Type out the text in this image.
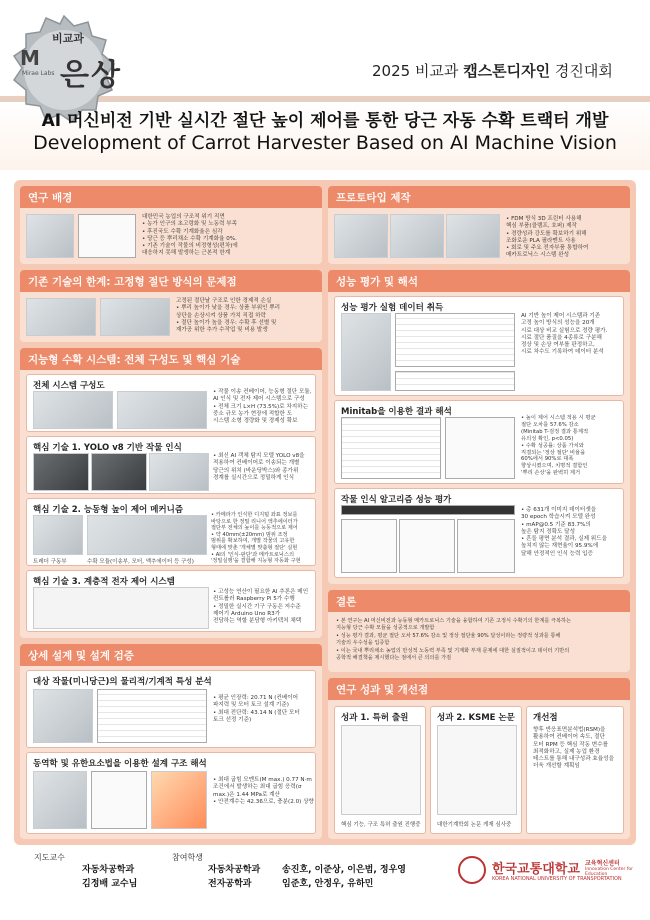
M
Mirae Labs
비교과
은상	2025 비교과 캡스톤디자인 경진대회
AI 머신비전 기반 실시간 절단 높이 제어를 통한 당근 자동 수확 트랙터 개발
Development of Carrot Harvester Based on AI Machine Vision
연구 배경

대한민국 농업의 구조적 위기 직면

• 농가 인구의 초고령화 및 노동력 부족

• 후진국도 수확 기계화율은 심각

• 당근 등 뿌리채소 수확 기계화율 0%.

• 기존 기술이 작물의 비정형성(편차)에

대응하지 못해 발생하는 근본적 한계

기존 기술의 한계: 고정형 절단 방식의 문제점

고정된 절단날 구조로 인한 경제적 손실

• 뿌리 높이가 낮을 경우: 상품 부위인 뿌리

상단을 손상시켜 상품 가치 직접 하락

• 절단 높이가 높을 경우: 수확 후 선별 및

재가공 위한 추가 수작업 및 비용 발생

지능형 수확 시스템: 전체 구성도 및 핵심 기술
전체 시스템 구성도

• 작물 이송 컨베이어, 능동형 절단 모듈,

AI 인식 및 전자 제어 시스템으로 구성

• 전체 크기 L×H (73.5%)로 차지하는

중소 규모 농가 현장에 적합한 도

시스템 소형 경량화 및 경제성 확보

핵심 기술 1. YOLO v8 기반 작물 인식

• 최신 AI 객체 탐지 모델 YOLO v8을

적용하여 컨베이어로 이송되는 개별

당근의 위치 (바운딩박스)와 종가위

경계를 실시간으로 정밀하게 인식

핵심 기술 2. 능동형 높이 제어 메커니즘
트레더 구동부	수확 모듈(이송부, 모터, 액추에이터 등 구성)

• 카메라가 인식한 디지털 좌표 정보를

바탕으로 한 정밀 리니어 액추에이터가

절단부 전체의 높이를 능동적으로 제어

• 약 40mm(±20mm) 범위 조정

범위를 확보하여, 개별 작물의 고유한

형태에 맞춘 '개체별 맞춤형 절단' 실현

• AI의 '인식-판단'과 메카트로닉스의

'정밀실행'을 결합해 지능형 자동화 구현

핵심 기술 3. 계층적 전자 제어 시스템

• 고성능 연산이 필요한 AI 추론은 메인

컨트롤러 Raspberry Pi 5가 수행

• 정밀한 실시간 기구 구동은 저수준

제어기 Arduino Uno R3가

전담하는 역할 분담형 아키텍처 채택

상세 설계 및 설계 검증
대상 작물(미니당근)의 물리적/기계적 특성 분석

• 평균 인장력: 20.71 N (컨베이어

파지력 및 모터 토크 설계 기준)

• 최대 전단력: 43.14 N (절단 모터

토크 선정 기준)

동역학 및 유한요소법을 이용한 설계 구조 해석

• 최대 굽힘 모멘트(M max.) 0.77 N·m

조건에서 발생하는 최대 굽힘 응력(σ

max.)은 1.44 MPa로 계산

• 안전계수는 42.36으로, 충분(2.0) 상향

프로토타입 제작

• FDM 방식 3D 프린터 사용해

핵심 부품(클램프, 호퍼) 제작

• 경량성과 강도를 확보하기 위해

조화로운 PLA 필라멘트 사용

• 회로 및 주요 전자부품 통합하여

메카트로닉스 시스템 완성

성능 평가 및 해석
성능 평가 실험 데이터 취득

AI 기반 높이 제어 시스템과 기존

고정 높이 방식의 성능을 20개

시료 대상 비교 실험으로 정량 평가.

시료 절단 품질을 4종류로 구분해

정상 및 손상 여부를 판정하고,

시료 차수도 기록하여 데이터 분석

Minitab을 이용한 결과 해석

• 높이 제어 시스템 적용 시 평균

절단 오차를 57.6% 감소

(Minitab T-검정 결과 통계적

유의성 확인, p<0.05)

• 수확 성공률: 상품 가치와

직결되는 '정상 절단' 비율을

60%에서 90%로 대폭

향상시켰으며, 치명적 결함인

'뿌리 손상'을 완벽히 제거

작물 인식 알고리즘 성능 평가

• 총 631개 이미지 데이터셋을

30 epoch 학습시켜 모델 완성

• mAP@0.5 기준 83.7%의

높은 탐지 정확도 달성

• 흔들 평면 분석 결과, 실제 위드을

높치지 않는 재현율이 95.9%에

달해 안정적인 인식 능력 입증

결론

• 본 연구는 AI 머신비전과 능동형 메카트로닉스 기술을 융합하여 기존 고정식 수확기의 한계를 극복하는

지능형 당근 수확 모듈을 성공적으로 개발함

• 성능 평가 결과, 평균 절단 오차 57.6% 감소 및 정상 절단율 90% 달성이라는 정량적 성과를 통해

기술의 우수성을 입증함

• 이는 국내 뿌리채소 농업의 만성적 노동력 부족 및 기계화 부재 문제에 대한 실질적이고 데이터 기반의

공학적 해결책을 제시했다는 점에서 큰 의의를 가짐

연구 성과 및 개선점
성과 1. 특허 출원
핵심 기능, 구조 특허 출원 진행중
성과 2. KSME 논문
대한기계학회 논문 게재 심사중
개선점

향후 반응표면분석법(RSM)을

활용하여 컨베이어 속도, 절단

모터 RPM 등 핵심 작동 변수를

최적화하고, 실제 농업 환경

테스트를 통해 내구성과 효율성을

더욱 개선할 계획임

지도교수
자동차공학과
김정배 교수님
참여학생
자동차공학과 송진호, 이준상, 이은범, 정우영
전자공학과	임준호, 안정우, 유하민
한국교통대학교
KOREA NATIONAL UNIVERSITY OF TRANSPORTATION
교육혁신센터
Innovation Center for Education
